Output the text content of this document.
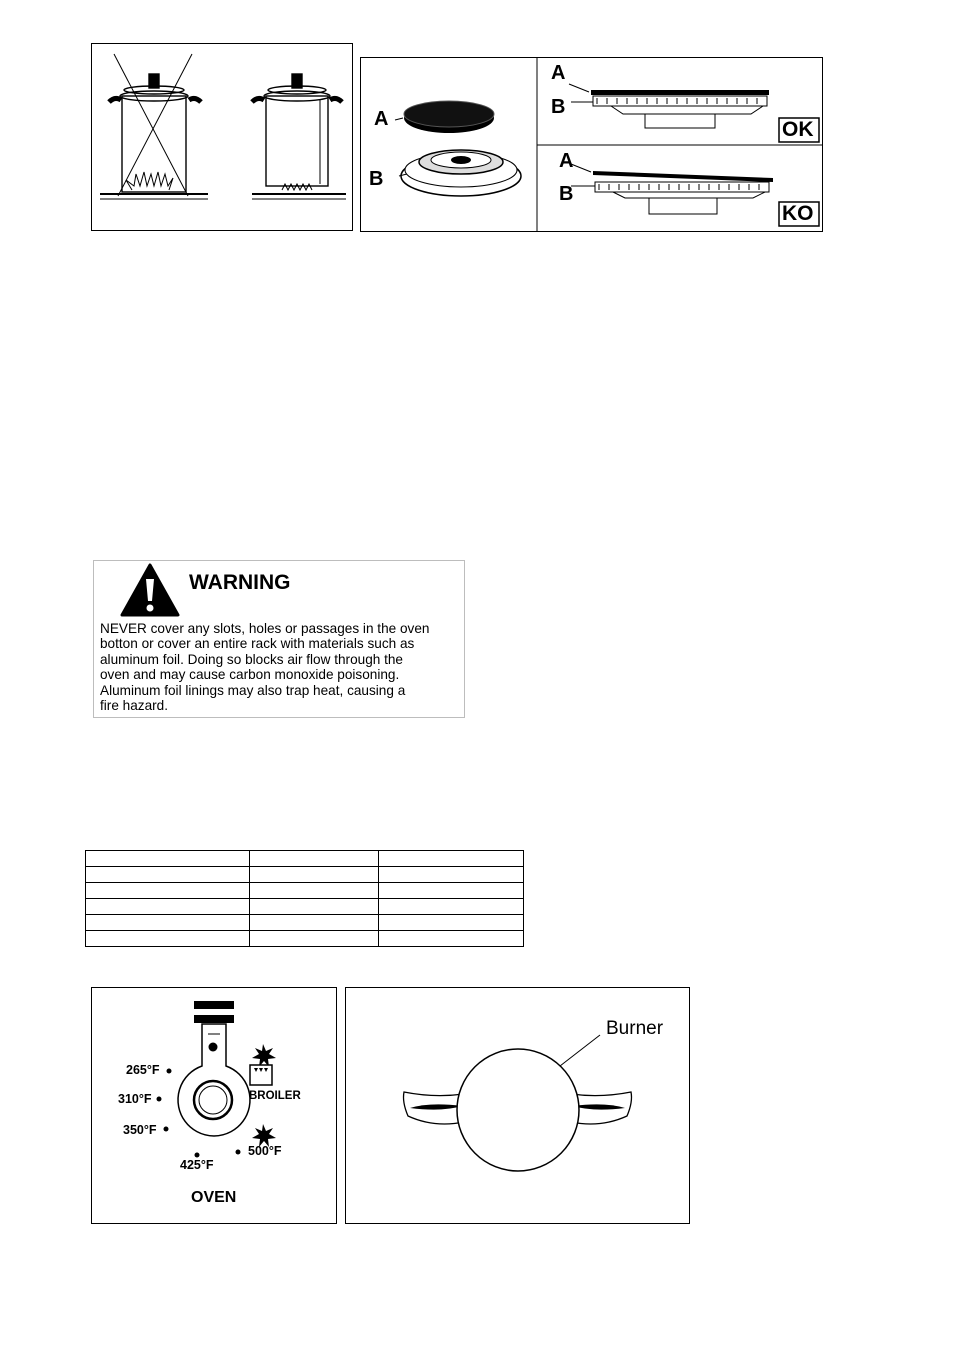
A
B
A
B
A
B
OK
KO
WARNING
NEVER cover any slots, holes or passages in the oven
botton or cover an entire rack with materials such as
aluminum foil. Doing so blocks air flow through the
oven and may cause carbon monoxide poisoning.
Aluminum foil linings may also trap heat, causing a
fire hazard.

265°F
310°F
350°F
425°F
500°F
BROILER
OVEN
Burner
